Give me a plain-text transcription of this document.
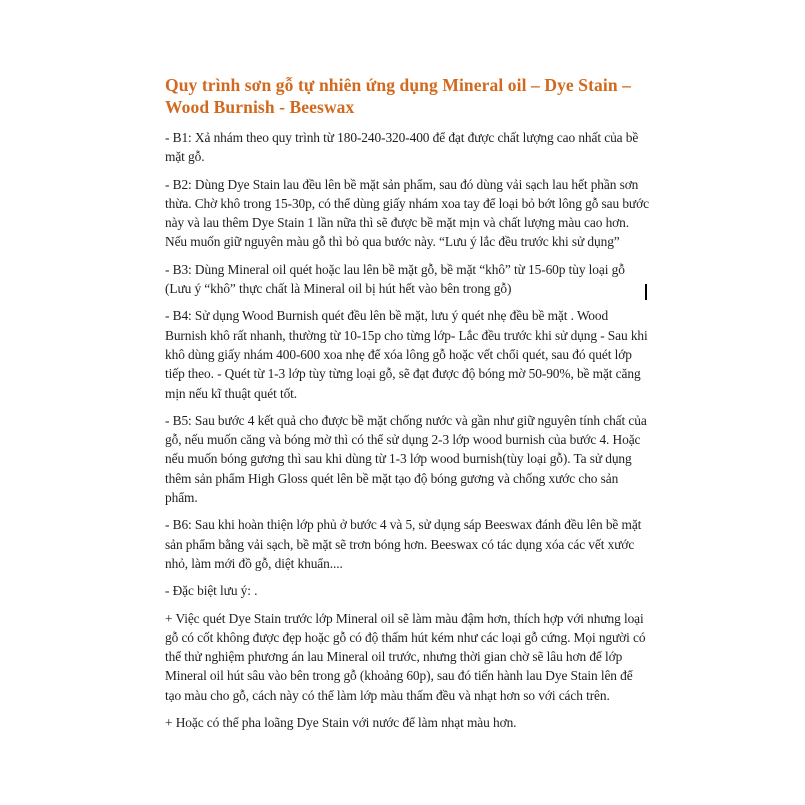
Quy trình sơn gỗ tự nhiên ứng dụng Mineral oil – Dye Stain – Wood Burnish - Beeswax

- B1: Xả nhám theo quy trình từ 180-240-320-400 để đạt được chất lượng cao nhất của bề mặt gỗ.

- B2: Dùng Dye Stain lau đều lên bề mặt sản phẩm, sau đó dùng vải sạch lau hết phần sơn thừa. Chờ khô trong 15-30p, có thể dùng giấy nhám xoa tay để loại bỏ bớt lông gỗ sau bước này và lau thêm Dye Stain 1 lần nữa thì sẽ được bề mặt mịn và chất lượng màu cao hơn. Nếu muốn giữ nguyên màu gỗ thì bỏ qua bước này. “Lưu ý lắc đều trước khi sử dụng”

- B3: Dùng Mineral oil quét hoặc lau lên bề mặt gỗ, bề mặt “khô” từ 15-60p tùy loại gỗ (Lưu ý “khô” thực chất là Mineral oil bị hút hết vào bên trong gỗ)

- B4: Sử dụng Wood Burnish quét đều lên bề mặt, lưu ý quét nhẹ đều bề mặt . Wood Burnish khô rất nhanh, thường từ 10-15p cho từng lớp- Lắc đều trước khi sử dụng - Sau khi khô dùng giấy nhám 400-600 xoa nhẹ để xóa lông gỗ hoặc vết chổi quét, sau đó quét lớp tiếp theo. - Quét từ 1-3 lớp tùy từng loại gỗ, sẽ đạt được độ bóng mờ 50-90%, bề mặt căng mịn nếu kĩ thuật quét tốt.

- B5: Sau bước 4 kết quả cho được bề mặt chống nước và gần như giữ nguyên tính chất của gỗ, nếu muốn căng và bóng mờ thì có thể sử dụng 2-3 lớp wood burnish của bước 4. Hoặc nếu muốn bóng gương thì sau khi dùng từ 1-3 lớp wood burnish(tùy loại gỗ). Ta sử dụng thêm sản phẩm High Gloss quét lên bề mặt tạo độ bóng gương và chống xước cho sản phẩm.

- B6: Sau khi hoàn thiện lớp phủ ở bước 4 và 5, sử dụng sáp Beeswax đánh đều lên bề mặt sản phẩm bằng vải sạch, bề mặt sẽ trơn bóng hơn. Beeswax có tác dụng xóa các vết xước nhỏ, làm mới đồ gỗ, diệt khuẩn....

- Đặc biệt lưu ý: .

+ Việc quét Dye Stain trước lớp Mineral oil sẽ làm màu đậm hơn, thích hợp với nhưng loại gỗ có cốt không được đẹp hoặc gỗ có độ thấm hút kém như các loại gỗ cứng. Mọi người có thể thử nghiệm phương án lau Mineral oil trước, nhưng thời gian chờ sẽ lâu hơn để lớp Mineral oil hút sâu vào bên trong gỗ (khoảng 60p), sau đó tiến hành lau Dye Stain lên để tạo màu cho gỗ, cách này có thể làm lớp màu thấm đều và nhạt hơn so với cách trên.

+ Hoặc có thể pha loãng Dye Stain với nước để làm nhạt màu hơn.
